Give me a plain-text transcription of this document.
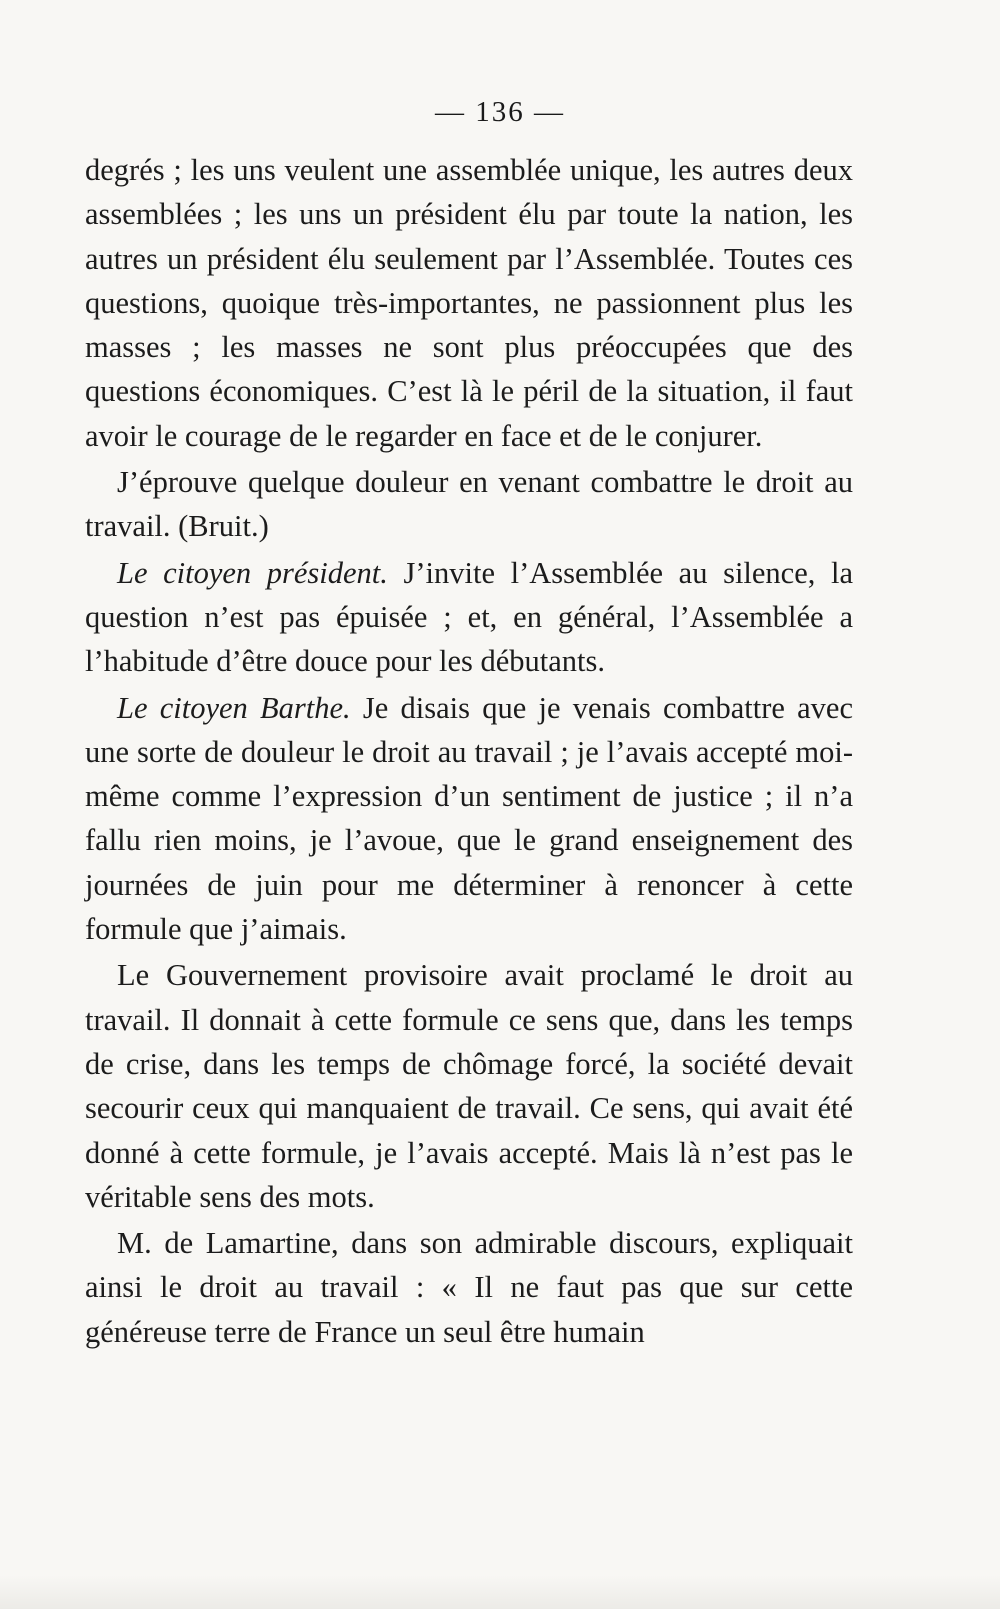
— 136 —

degrés ; les uns veulent une assemblée unique, les autres deux assemblées ; les uns un président élu par toute la nation, les autres un président élu seulement par l’Assemblée. Toutes ces questions, quoique très-importantes, ne passionnent plus les masses ; les masses ne sont plus préoccupées que des questions économiques. C’est là le péril de la situation, il faut avoir le courage de le regarder en face et de le conjurer.

J’éprouve quelque douleur en venant combattre le droit au travail. (Bruit.)

Le citoyen président. J’invite l’Assemblée au silence, la question n’est pas épuisée ; et, en général, l’Assemblée a l’habitude d’être douce pour les débutants.

Le citoyen Barthe. Je disais que je venais combattre avec une sorte de douleur le droit au travail ; je l’avais accepté moi-même comme l’expression d’un sentiment de justice ; il n’a fallu rien moins, je l’avoue, que le grand enseignement des journées de juin pour me déterminer à renoncer à cette formule que j’aimais.

Le Gouvernement provisoire avait proclamé le droit au travail. Il donnait à cette formule ce sens que, dans les temps de crise, dans les temps de chômage forcé, la société devait secourir ceux qui manquaient de travail. Ce sens, qui avait été donné à cette formule, je l’avais accepté. Mais là n’est pas le véritable sens des mots.

M. de Lamartine, dans son admirable discours, expliquait ainsi le droit au travail : « Il ne faut pas que sur cette généreuse terre de France un seul être humain
